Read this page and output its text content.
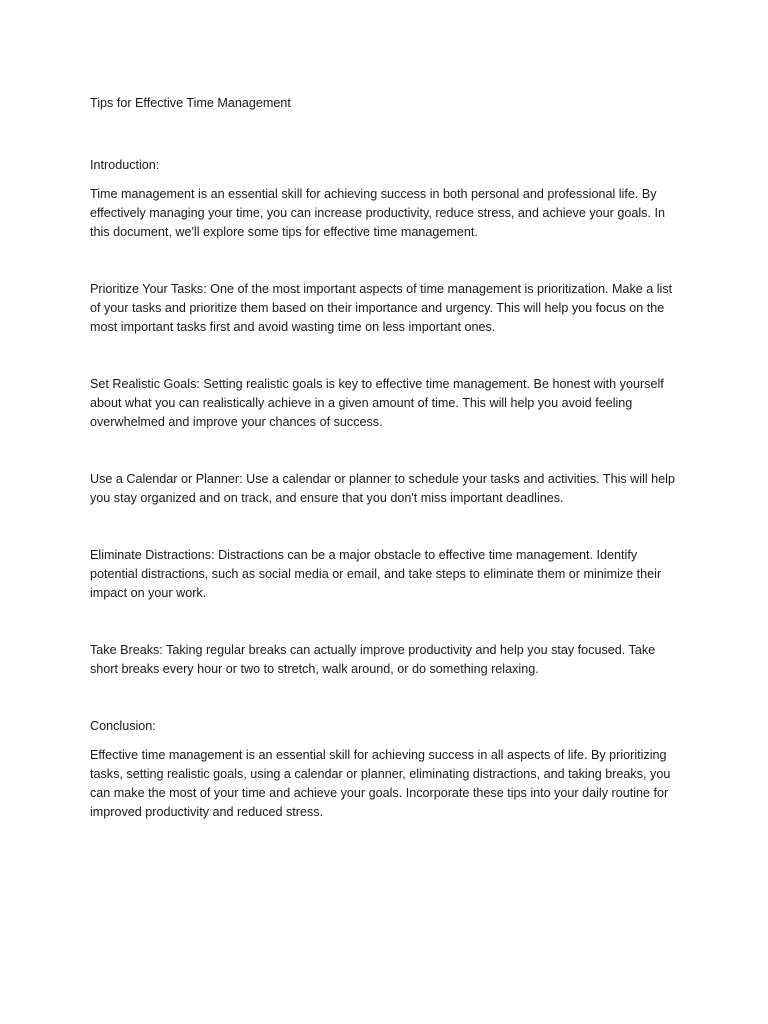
Tips for Effective Time Management
Introduction:

Time management is an essential skill for achieving success in both personal and professional life. By effectively managing your time, you can increase productivity, reduce stress, and achieve your goals. In this document, we'll explore some tips for effective time management.

Prioritize Your Tasks: One of the most important aspects of time management is prioritization. Make a list of your tasks and prioritize them based on their importance and urgency. This will help you focus on the most important tasks first and avoid wasting time on less important ones.

Set Realistic Goals: Setting realistic goals is key to effective time management. Be honest with yourself about what you can realistically achieve in a given amount of time. This will help you avoid feeling overwhelmed and improve your chances of success.

Use a Calendar or Planner: Use a calendar or planner to schedule your tasks and activities. This will help you stay organized and on track, and ensure that you don't miss important deadlines.

Eliminate Distractions: Distractions can be a major obstacle to effective time management. Identify potential distractions, such as social media or email, and take steps to eliminate them or minimize their impact on your work.

Take Breaks: Taking regular breaks can actually improve productivity and help you stay focused. Take short breaks every hour or two to stretch, walk around, or do something relaxing.

Conclusion:

Effective time management is an essential skill for achieving success in all aspects of life. By prioritizing tasks, setting realistic goals, using a calendar or planner, eliminating distractions, and taking breaks, you can make the most of your time and achieve your goals. Incorporate these tips into your daily routine for improved productivity and reduced stress.
